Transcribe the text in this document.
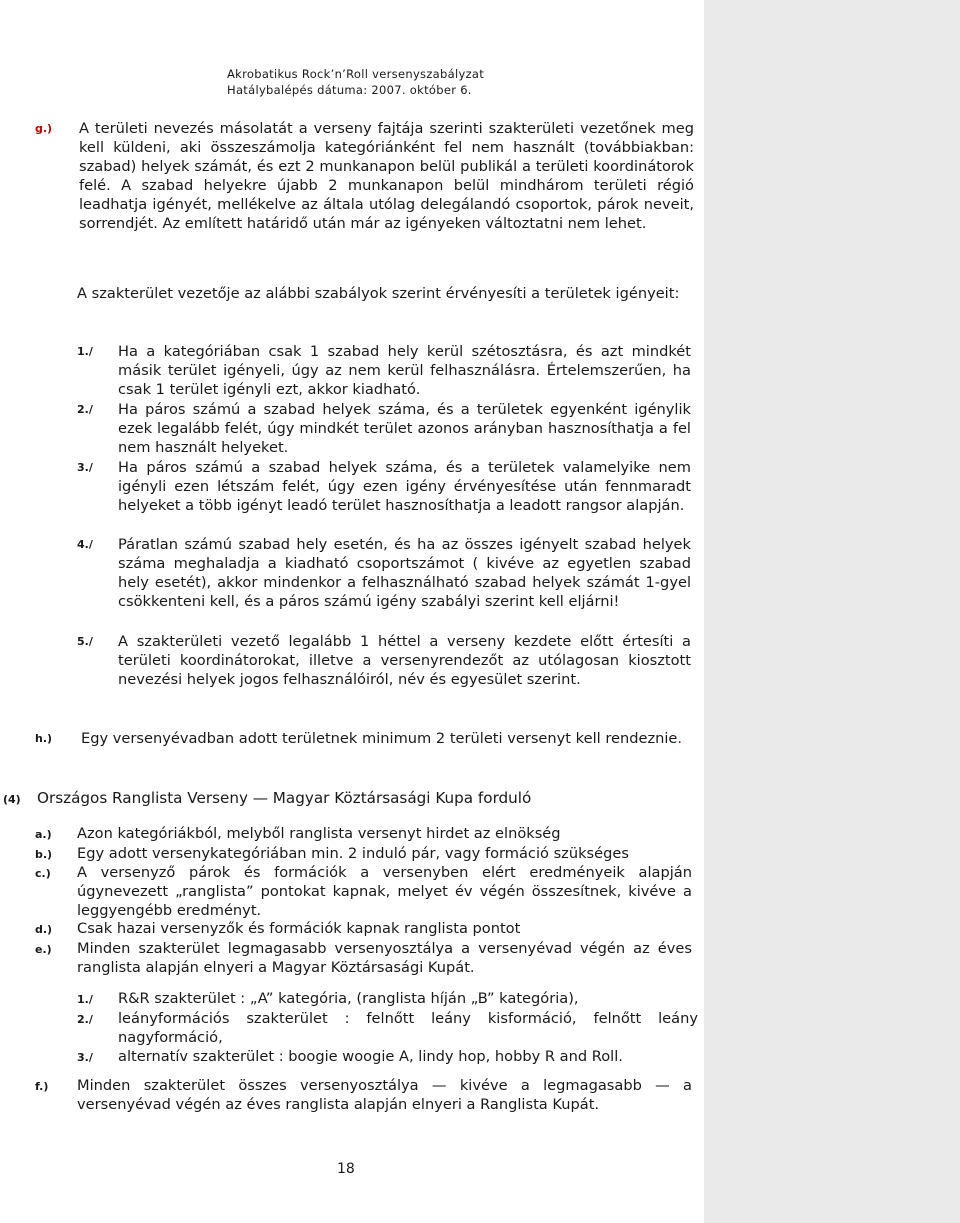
Akrobatikus Rock’n’Roll versenyszabályzat
Hatálybalépés dátuma: 2007. október 6.
g.) A területi nevezés másolatát a verseny fajtája szerinti szakterületi vezetőnek meg kell küldeni, aki összeszámolja kategóriánként fel nem használt (továbbiakban: szabad) helyek számát, és ezt 2 munkanapon belül publikál a területi koordinátorok felé. A szabad helyekre újabb 2 munkanapon belül mindhárom területi régió leadhatja igényét, mellékelve az általa utólag delegálandó csoportok, párok neveit, sorrendjét. Az említett határidő után már az igényeken változtatni nem lehet.
A szakterület vezetője az alábbi szabályok szerint érvényesíti a területek igényeit:
1./ Ha a kategóriában csak 1 szabad hely kerül szétosztásra, és azt mindkét másik terület igényeli, úgy az nem kerül felhasználásra. Értelemszerűen, ha csak 1 terület igényli ezt, akkor kiadható.
2./ Ha páros számú a szabad helyek száma, és a területek egyenként igénylik ezek legalább felét, úgy mindkét terület azonos arányban hasznosíthatja a fel nem használt helyeket.
3./ Ha páros számú a szabad helyek száma, és a területek valamelyike nem igényli ezen létszám felét, úgy ezen igény érvényesítése után fennmaradt helyeket a több igényt leadó terület hasznosíthatja a leadott rangsor alapján.
4./ Páratlan számú szabad hely esetén, és ha az összes igényelt szabad helyek száma meghaladja a kiadható csoportszámot ( kivéve az egyetlen szabad hely esetét), akkor mindenkor a felhasználható szabad helyek számát 1-gyel csökkenteni kell, és a páros számú igény szabályi szerint kell eljárni!
5./ A szakterületi vezető legalább 1 héttel a verseny kezdete előtt értesíti a területi koordinátorokat, illetve a versenyrendezőt az utólagosan kiosztott nevezési helyek jogos felhasználóiról, név és egyesület szerint.
h.) Egy versenyévadban adott területnek minimum 2 területi versenyt kell rendeznie.
(4) Országos Ranglista Verseny — Magyar Köztársasági Kupa forduló
a.) Azon kategóriákból, melyből ranglista versenyt hirdet az elnökség
b.) Egy adott versenykategóriában min. 2 induló pár, vagy formáció szükséges
c.) A versenyző párok és formációk a versenyben elért eredményeik alapján úgynevezett „ranglista” pontokat kapnak, melyet év végén összesítnek, kivéve a leggyengébb eredményt.
d.) Csak hazai versenyzők és formációk kapnak ranglista pontot
e.) Minden szakterület legmagasabb versenyosztálya a versenyévad végén az éves ranglista alapján elnyeri a Magyar Köztársasági Kupát.
1./ R&R szakterület : „A” kategória, (ranglista híján „B” kategória),
2./ leányformációs szakterület : felnőtt leány kisformáció, felnőtt leány nagyformáció,
3./ alternatív szakterület : boogie woogie A, lindy hop, hobby R and Roll.
f.) Minden szakterület összes versenyosztálya — kivéve a legmagasabb — a versenyévad végén az éves ranglista alapján elnyeri a Ranglista Kupát.
18
